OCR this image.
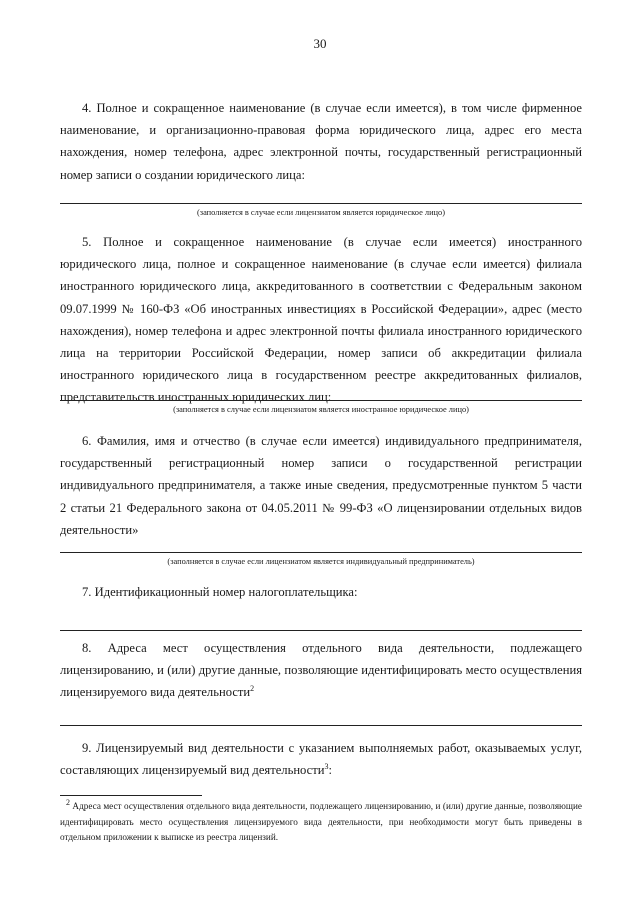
30
4. Полное и сокращенное наименование (в случае если имеется), в том числе фирменное наименование, и организационно-правовая форма юридического лица, адрес его места нахождения, номер телефона, адрес электронной почты, государственный регистрационный номер записи о создании юридического лица:
(заполняется в случае если лицензиатом является юридическое лицо)
5. Полное и сокращенное наименование (в случае если имеется) иностранного юридического лица, полное и сокращенное наименование (в случае если имеется) филиала иностранного юридического лица, аккредитованного в соответствии с Федеральным законом 09.07.1999 № 160-ФЗ «Об иностранных инвестициях в Российской Федерации», адрес (место нахождения), номер телефона и адрес электронной почты филиала иностранного юридического лица на территории Российской Федерации, номер записи об аккредитации филиала иностранного юридического лица в государственном реестре аккредитованных филиалов, представительств иностранных юридических лиц:
(заполняется в случае если лицензиатом является иностранное юридическое лицо)
6. Фамилия, имя и отчество (в случае если имеется) индивидуального предпринимателя, государственный регистрационный номер записи о государственной регистрации индивидуального предпринимателя, а также иные сведения, предусмотренные пунктом 5 части 2 статьи 21 Федерального закона от 04.05.2011 № 99-ФЗ «О лицензировании отдельных видов деятельности»
(заполняется в случае если лицензиатом является индивидуальный предприниматель)
7. Идентификационный номер налогоплательщика:
8. Адреса мест осуществления отдельного вида деятельности, подлежащего лицензированию, и (или) другие данные, позволяющие идентифицировать место осуществления лицензируемого вида деятельности$^2$
9. Лицензируемый вид деятельности с указанием выполняемых работ, оказываемых услуг, составляющих лицензируемый вид деятельности$^3$:
$^2$ Адреса мест осуществления отдельного вида деятельности, подлежащего лицензированию, и (или) другие данные, позволяющие идентифицировать место осуществления лицензируемого вида деятельности, при необходимости могут быть приведены в отдельном приложении к выписке из реестра лицензий.
